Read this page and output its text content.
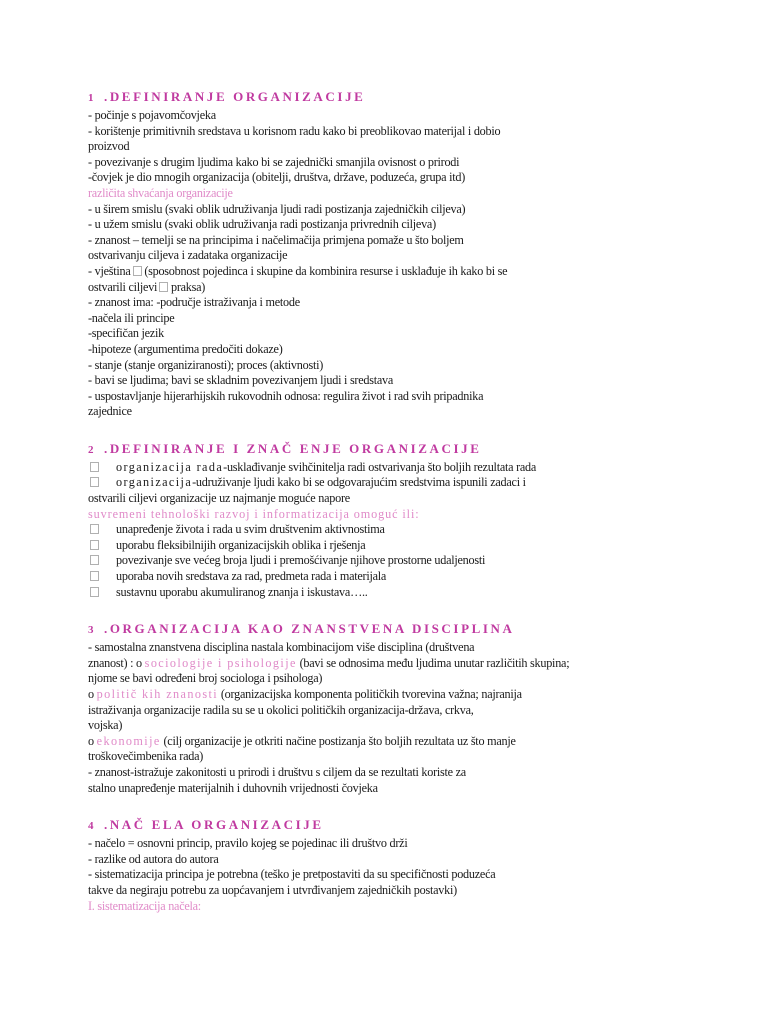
1 .DEFINIRANJE ORGANIZACIJE
- počinje s pojavomčovjeka
- korištenje primitivnih sredstava u korisnom radu kako bi preoblikovao materijal i dobio
proizvod
- povezivanje s drugim ljudima kako bi se zajednički smanjila ovisnost o prirodi
-čovjek je dio mnogih organizacija (obitelji, društva, države, poduzeća, grupa itd)
različita shvaćanja organizacije
- u širem smislu (svaki oblik udruživanja ljudi radi postizanja zajedničkih ciljeva)
- u užem smislu (svaki oblik udruživanja radi postizanja privrednih ciljeva)
- znanost – temelji se na principima i načelimačija primjena pomaže u što boljem
ostvarivanju ciljeva i zadataka organizacije
- vještina (sposobnost pojedinca i skupine da kombinira resurse i usklađuje ih kako bi se
ostvarili ciljevi praksa)
- znanost ima: -područje istraživanja i metode
-načela ili principe
-specifičan jezik
-hipoteze (argumentima predočiti dokaze)
- stanje (stanje organiziranosti); proces (aktivnosti)
- bavi se ljudima; bavi se skladnim povezivanjem ljudi i sredstava
- uspostavljanje hijerarhijskih rukovodnih odnosa: regulira život i rad svih pripadnika
zajednice
2 .DEFINIRANJE I ZNAČ ENJE ORGANIZACIJE
organizacija rada-usklađivanje svihčinitelja radi ostvarivanja što boljih rezultata rada
organizacija-udruživanje ljudi kako bi se odgovarajućim sredstvima ispunili zadaci i
ostvarili ciljevi organizacije uz najmanje moguće napore
suvremeni tehnološki razvoj i informatizacija omoguć ili:
unapređenje života i rada u svim društvenim aktivnostima
uporabu fleksibilnijih organizacijskih oblika i rješenja
povezivanje sve većeg broja ljudi i premošćivanje njihove prostorne udaljenosti
uporaba novih sredstava za rad, predmeta rada i materijala
sustavnu uporabu akumuliranog znanja i iskustava…..
3 .ORGANIZACIJA KAO ZNANSTVENA DISCIPLINA
- samostalna znanstvena disciplina nastala kombinacijom više disciplina (društvena
znanost) : o sociologije i psihologije (bavi se odnosima među ljudima unutar različitih skupina;
njome se bavi određeni broj sociologa i psihologa)
o politič kih znanosti (organizacijska komponenta političkih tvorevina važna; najranija
istraživanja organizacije radila su se u okolici političkih organizacija-država, crkva,
vojska)
o ekonomije (cilj organizacije je otkriti načine postizanja što boljih rezultata uz što manje
troškovečimbenika rada)
- znanost-istražuje zakonitosti u prirodi i društvu s ciljem da se rezultati koriste za
stalno unapređenje materijalnih i duhovnih vrijednosti čovjeka
4 .NAČ ELA ORGANIZACIJE
- načelo = osnovni princip, pravilo kojeg se pojedinac ili društvo drži
- razlike od autora do autora
- sistematizacija principa je potrebna (teško je pretpostaviti da su specifičnosti poduzeća
takve da negiraju potrebu za uopćavanjem i utvrđivanjem zajedničkih postavki)
I. sistematizacija načela:
